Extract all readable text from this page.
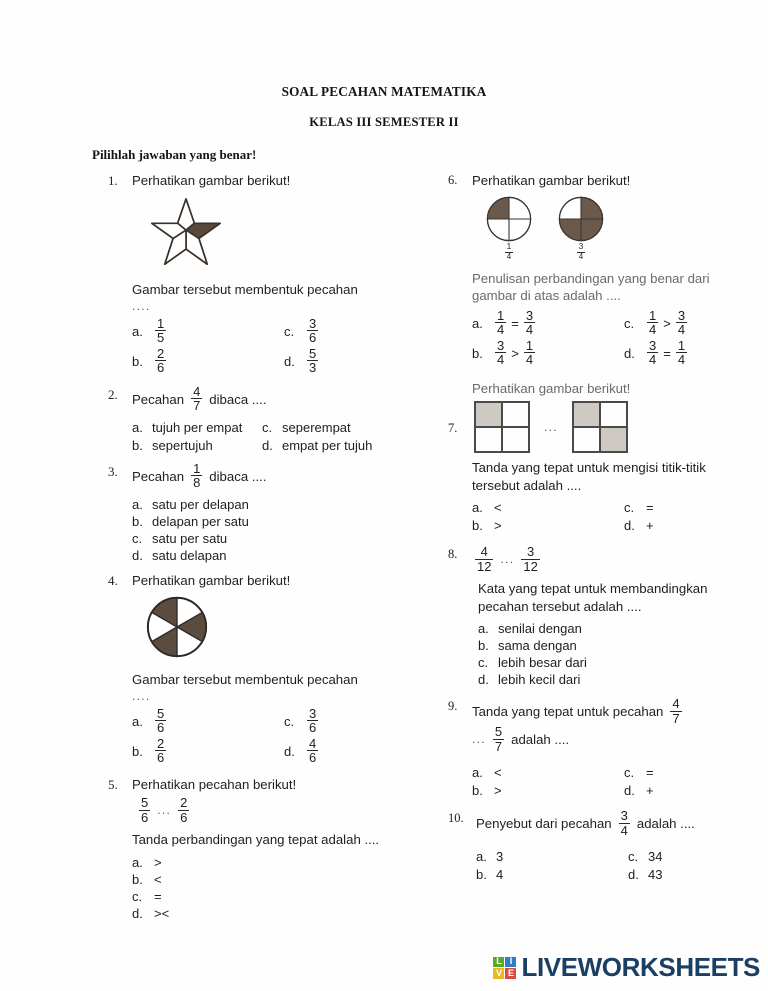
SOAL PECAHAN MATEMATIKA
KELAS III SEMESTER II
Pilihlah jawaban yang benar!
1.	Perhatikan gambar berikut!
Gambar tersebut membentuk pecahan
....
a. $\frac{1}{5}$	c. $\frac{3}{6}$
b. $\frac{2}{6}$	d. $\frac{5}{3}$
2.	Pecahan $\frac{4}{7}$ dibaca ....
a. tujuh per empat c. seperempat
b. sepertujuh	d. empat per tujuh
3.	Pecahan $\frac{1}{8}$ dibaca ....
a. satu per delapan
b. delapan per satu
c. satu per satu
d. satu delapan
4.	Perhatikan gambar berikut!
Gambar tersebut membentuk pecahan
....
a. $\frac{5}{6}$	c. $\frac{3}{6}$
b. $\frac{2}{6}$	d. $\frac{4}{6}$
5.	Perhatikan pecahan berikut!
$\frac{5}{6}$ ... $\frac{2}{6}$
Tanda perbandingan yang tepat adalah ....
a. >
b. <
c. =
d. ><
6.	Perhatikan gambar berikut!
$\frac{1}{4}$	$\frac{3}{4}$
Penulisan perbandingan yang benar dari gambar di atas adalah ....
a. $\frac{1}{4} = \frac{3}{4}$	c. $\frac{1}{4} > \frac{3}{4}$
b. $\frac{3}{4} > \frac{1}{4}$	d. $\frac{3}{4} = \frac{1}{4}$
Perhatikan gambar berikut!
7.	...
Tanda yang tepat untuk mengisi titik-titik tersebut adalah ....
a. <	c. =
b. >	d. +
8.	$\frac{4}{12}$ ... $\frac{3}{12}$
Kata yang tepat untuk membandingkan pecahan tersebut adalah ....
a. senilai dengan
b. sama dengan
c. lebih besar dari
d. lebih kecil dari
9.	Tanda yang tepat untuk pecahan $\frac{4}{7}$
... $\frac{5}{7}$ adalah ....
a. <	c. =
b. >	d. +
10. Penyebut dari pecahan $\frac{3}{4}$ adalah ....
a. 3	c. 34
b. 4	d. 43
L I
V E LIVEWORKSHEETS
